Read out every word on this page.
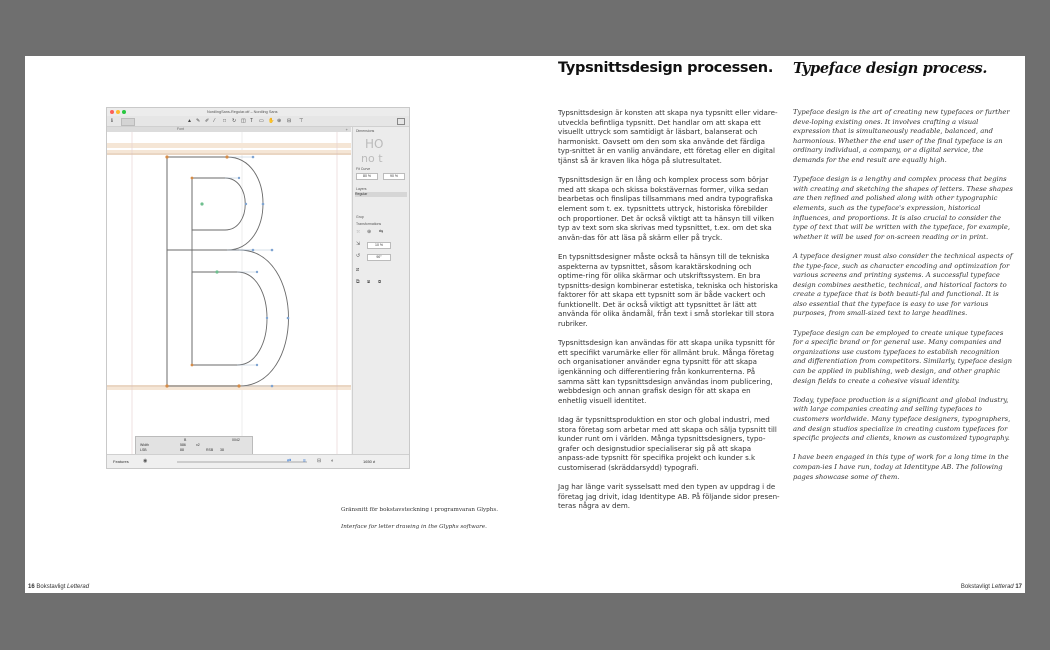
NordlingSans-Regular.otf – Nordling Sans
ℹ	▲ ✎ ✐ ⁄ □ ↻ ◫ T ▭ ✋ ⊕ ⊟ ⊤
Font	+ Dimensions
HO
no t
Fit Curve
80 %	90 %
Layers
Regular
Grup
Transformations
⁙ ⊕ ⇆
⇲	10 %
↺	90°
⧄
⧉ ⧈ ⧇
B	0042
Width	586	x2
LSB	88	RSB 38
Features	◉	⇄ ≡ ⊟ ◐	1650 ≠
Gränsnitt för bokstavsteckning i programvaran Glyphs.
Interface for letter drawing in the Glyphs software.
Typsnittsdesign processen. Typeface design process.

Typsnittsdesign är konsten att skapa nya typsnitt eller vidare-utveckla befintliga typsnitt. Det handlar om att skapa ett visuellt uttryck som samtidigt är läsbart, balanserat och harmoniskt. Oavsett om den som ska använde det färdiga typ-snittet är en vanlig användare, ett företag eller en digital tjänst så är kraven lika höga på slutresultatet.

Typsnittsdesign är en lång och komplex process som börjar med att skapa och skissa bokstävernas former, vilka sedan bearbetas och finslipas tillsammans med andra typografiska element som t. ex. typsnittets uttryck, historiska förebilder och proportioner. Det är också viktigt att ta hänsyn till vilken typ av text som ska skrivas med typsnittet, t.ex. om det ska använ-das för att läsa på skärm eller på tryck.

En typsnittsdesigner måste också ta hänsyn till de tekniska aspekterna av typsnittet, såsom karaktärskodning och optime-ring för olika skärmar och utskriftssystem. En bra typsnitts-design kombinerar estetiska, tekniska och historiska faktorer för att skapa ett typsnitt som är både vackert och funktionellt. Det är också viktigt att typsnittet är lätt att använda för olika ändamål, från text i små storlekar till stora rubriker.

Typsnittsdesign kan användas för att skapa unika typsnitt för ett specifikt varumärke eller för allmänt bruk. Många företag och organisationer använder egna typsnitt för att skapa igenkänning och differentiering från konkurrenterna. På samma sätt kan typsnittsdesign användas inom publicering, webbdesign och annan grafisk design för att skapa en enhetlig visuell identitet.

Idag är typsnittsproduktion en stor och global industri, med stora företag som arbetar med att skapa och sälja typsnitt till kunder runt om i världen. Många typsnittsdesigners, typo-grafer och designstudior specialiserar sig på att skapa anpass-ade typsnitt för specifika projekt och kunder s.k customiserad (skräddarsydd) typografi.

Jag har länge varit sysselsatt med den typen av uppdrag i de företag jag drivit, idag Identitype AB. På följande sidor presen-teras några av dem.

Typeface design is the art of creating new typefaces or further deve-loping existing ones. It involves crafting a visual expression that is simultaneously readable, balanced, and harmonious. Whether the end user of the final typeface is an ordinary individual, a company, or a digital service, the demands for the end result are equally high.

Typeface design is a lengthy and complex process that begins with creating and sketching the shapes of letters. These shapes are then refined and polished along with other typographic elements, such as the typeface's expression, historical influences, and proportions. It is also crucial to consider the type of text that will be written with the typeface, for example, whether it will be used for on-screen reading or in print.

A typeface designer must also consider the technical aspects of the type-face, such as character encoding and optimization for various screens and printing systems. A successful typeface design combines aesthetic, technical, and historical factors to create a typeface that is both beauti-ful and functional. It is also essential that the typeface is easy to use for various purposes, from small-sized text to large headlines.

Typeface design can be employed to create unique typefaces for a specific brand or for general use. Many companies and organizations use custom typefaces to establish recognition and differentiation from competitors. Similarly, typeface design can be applied in publishing, web design, and other graphic design fields to create a cohesive visual identity.

Today, typeface production is a significant and global industry, with large companies creating and selling typefaces to customers worldwide. Many typeface designers, typographers, and design studios specialize in creating custom typefaces for specific projects and clients, known as customized typography.

I have been engaged in this type of work for a long time in the compan-ies I have run, today at Identitype AB. The following pages showcase some of them.

16 Bokstavligt Letterad	Bokstavligt Letterad 17
